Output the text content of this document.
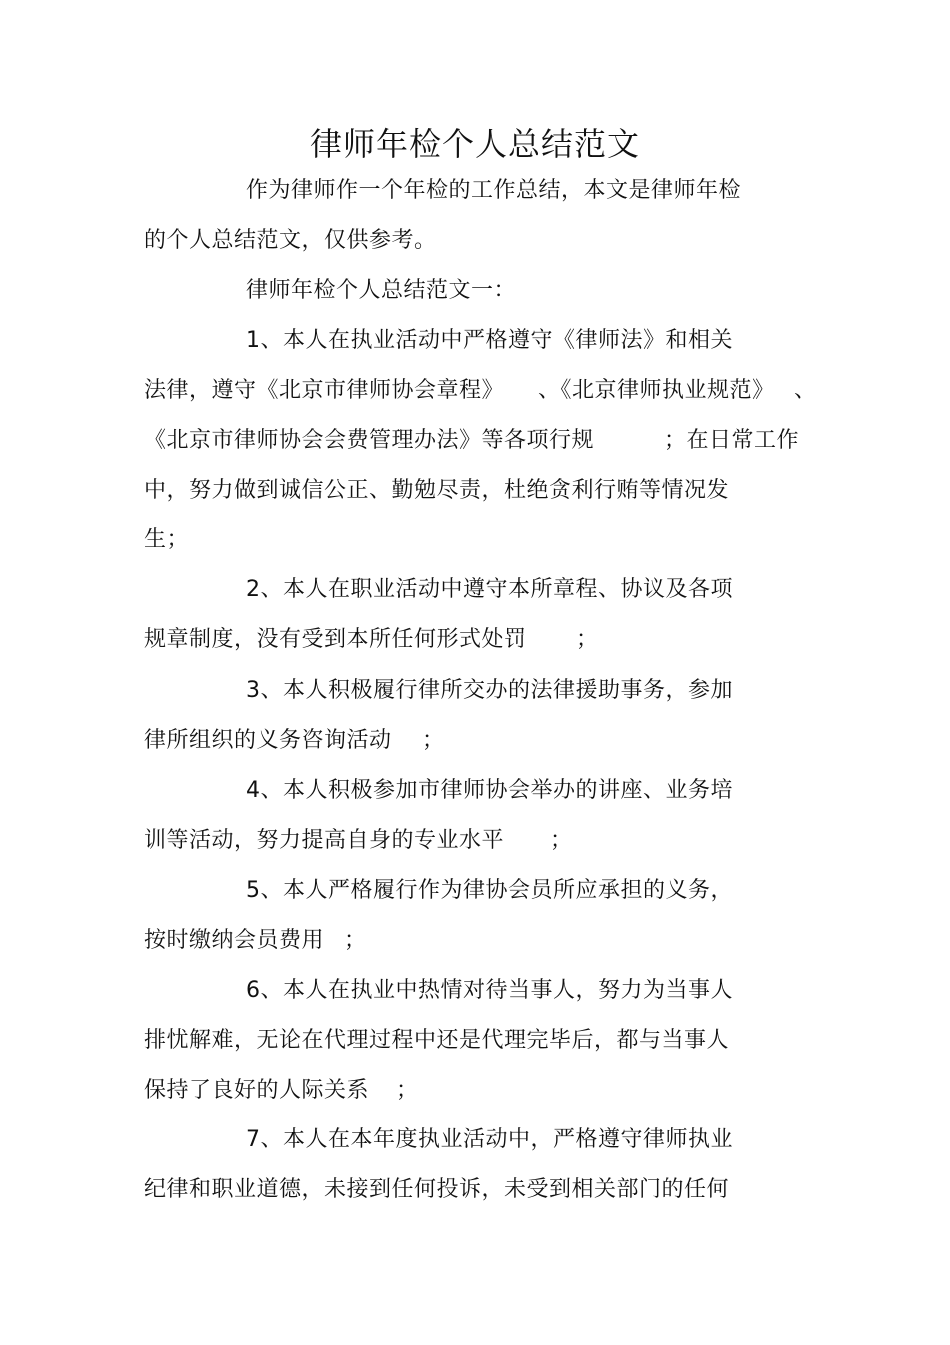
律师年检个人总结范文
作为律师作一个年检的工作总结，本文是律师年检
的个人总结范文，仅供参考。
律师年检个人总结范文一：
1、本人在执业活动中严格遵守《律师法》和相关
法律，遵守《北京市律师协会章程》 、《北京律师执业规范》 、
《北京市律师协会会费管理办法》等各项行规	；在日常工作
中，努力做到诚信公正、勤勉尽责，杜绝贪利行贿等情况发
生；
2、本人在职业活动中遵守本所章程、协议及各项
规章制度，没有受到本所任何形式处罚 ；
3、本人积极履行律所交办的法律援助事务，参加
律所组织的义务咨询活动 ；
4、本人积极参加市律师协会举办的讲座、业务培
训等活动，努力提高自身的专业水平 ；
5、本人严格履行作为律协会员所应承担的义务，
按时缴纳会员费用 ；
6、本人在执业中热情对待当事人，努力为当事人
排忧解难，无论在代理过程中还是代理完毕后，都与当事人
保持了良好的人际关系 ；
7、本人在本年度执业活动中，严格遵守律师执业
纪律和职业道德，未接到任何投诉，未受到相关部门的任何
